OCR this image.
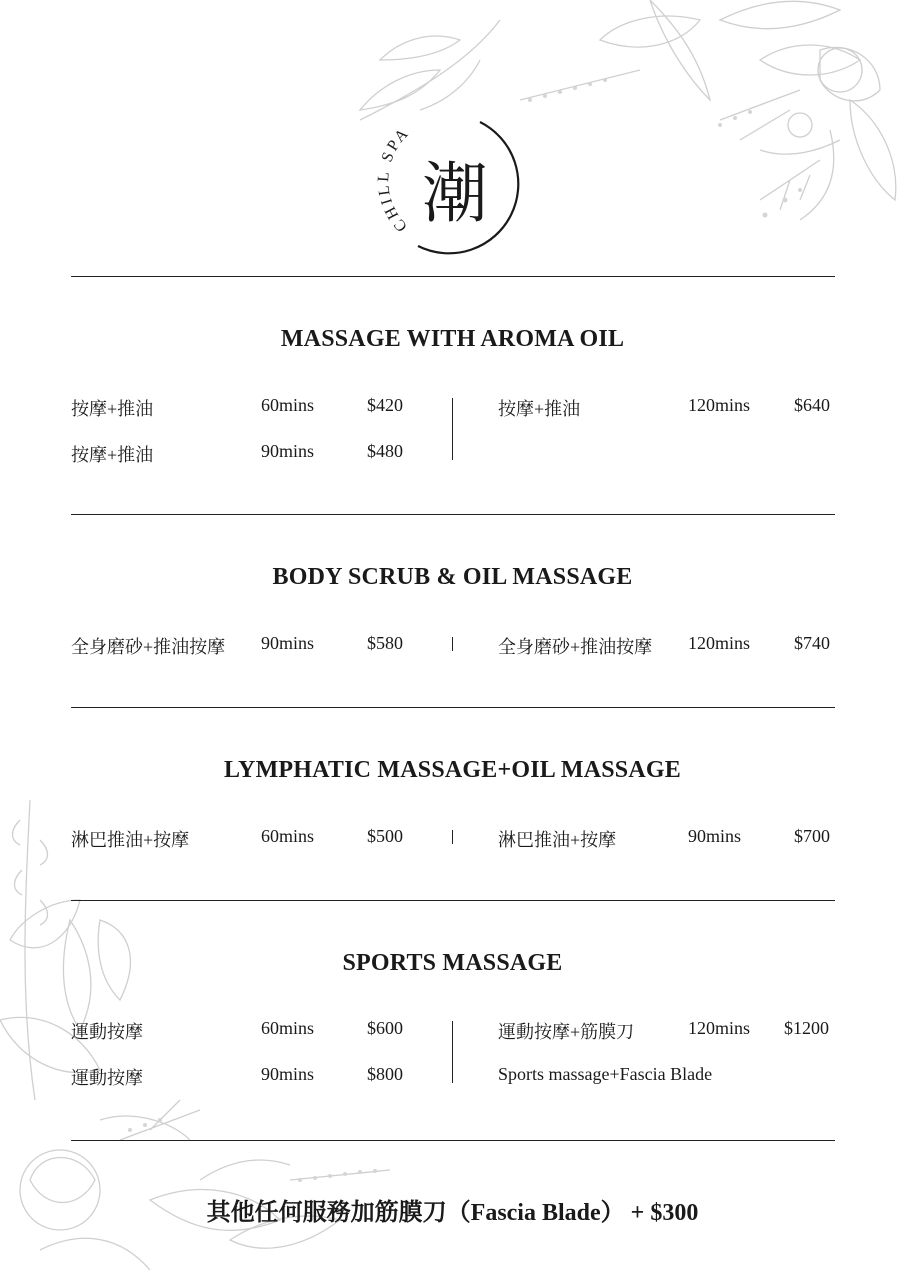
CHILL SPA
潮
MASSAGE WITH AROMA OIL
按摩+推油	60mins	$420
按摩+推油	90mins	$480
按摩+推油	120mins $640
BODY SCRUB & OIL MASSAGE
全身磨砂+推油按摩 90mins	$580	全身磨砂+推油按摩 120mins $740
LYMPHATIC MASSAGE+OIL MASSAGE
淋巴推油+按摩	60mins	$500	淋巴推油+按摩	90mins	$700
SPORTS MASSAGE
運動按摩	60mins	$600
運動按摩	90mins	$800
運動按摩+筋膜刀	120mins $1200
Sports massage+Fascia Blade
其他任何服務加筋膜刀（Fascia Blade） + $300
